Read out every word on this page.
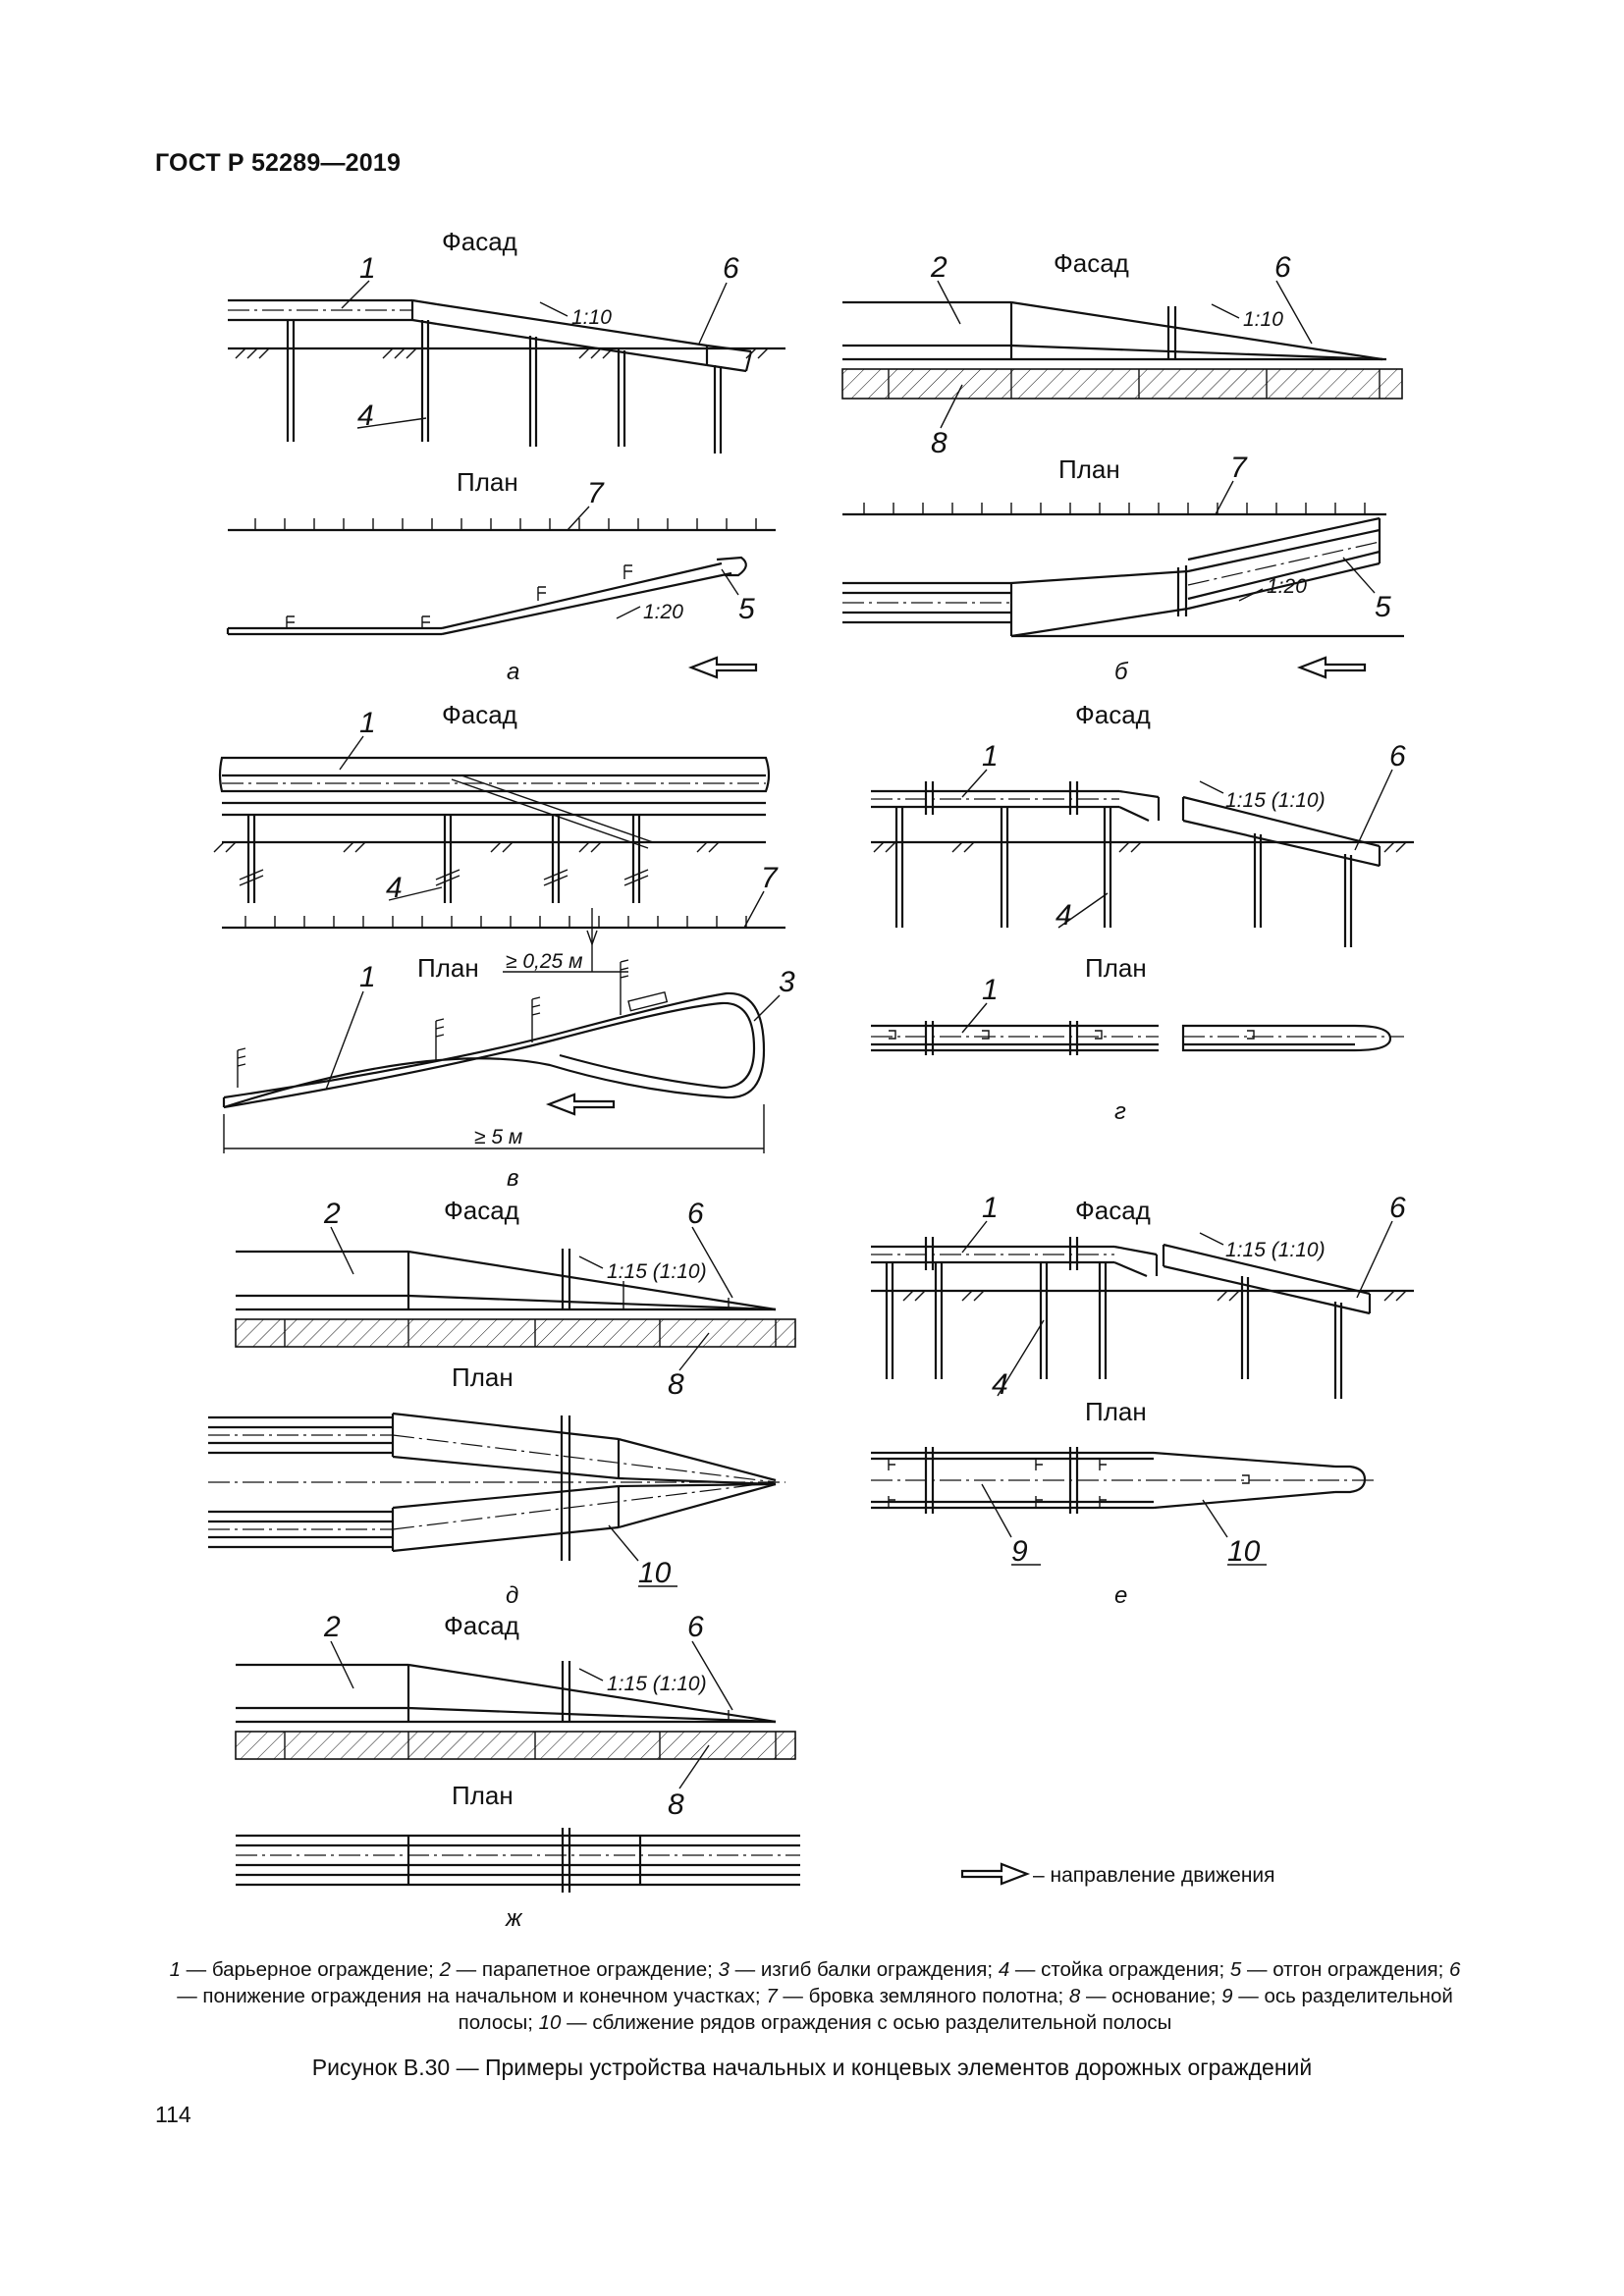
ГОСТ Р 52289—2019
Фасад
1	6
1:10
4
План 7
1:20 5
а
Фасад
2	6
1:10
8
План	7
1:20
5
б
Фасад
1
4	7
План ≥ 0,25 м
1	3
≥ 5 м
в
Фасад
1	6
1:15 (1:10)
4
План
1
г
Фасад
2	6
1:15 (1:10)
8
План
10
д
Фасад
1	6
1:15 (1:10)
4
План
9	10
е
Фасад
2	6
1:15 (1:10)
8
План
ж
– направление движения
1 — барьерное ограждение; 2 — парапетное ограждение; 3 — изгиб балки ограждения; 4 — стойка ограждения; 5 — отгон ограждения; 6 — понижение ограждения на начальном и конечном участках; 7 — бровка земляного полотна; 8 — основание; 9 — ось разделительной полосы; 10 — сближение рядов ограждения с осью разделительной полосы
Рисунок В.30 — Примеры устройства начальных и концевых элементов дорожных ограждений
114
